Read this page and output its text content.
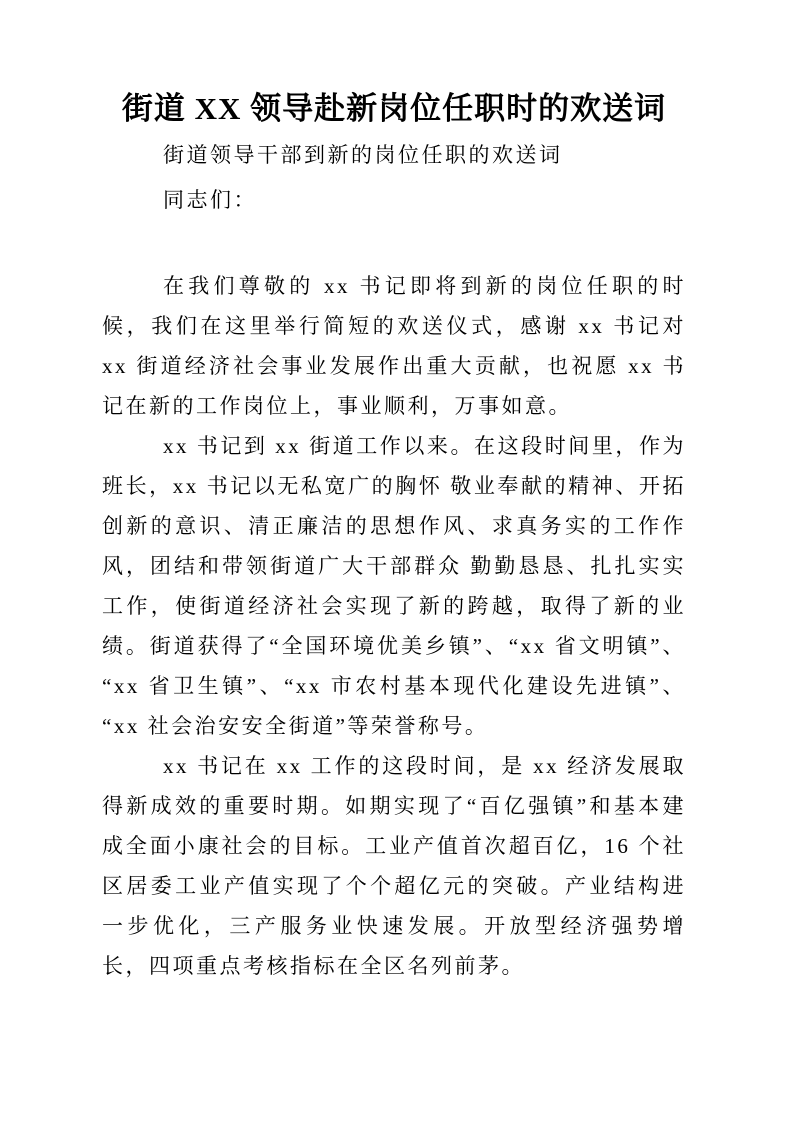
街道 XX 领导赴新岗位任职时的欢送词

街道领导干部到新的岗位任职的欢送词

同志们：

在我们尊敬的 xx 书记即将到新的岗位任职的时候，我们在这里举行简短的欢送仪式，感谢 xx 书记对 xx 街道经济社会事业发展作出重大贡献，也祝愿 xx 书记在新的工作岗位上，事业顺利，万事如意。

xx 书记到 xx 街道工作以来。在这段时间里，作为班长，xx 书记以无私宽广的胸怀 敬业奉献的精神、开拓创新的意识、清正廉洁的思想作风、求真务实的工作作风，团结和带领街道广大干部群众 勤勤恳恳、扎扎实实工作，使街道经济社会实现了新的跨越，取得了新的业绩。街道获得了“全国环境优美乡镇”、“xx 省文明镇”、“xx 省卫生镇”、“xx 市农村基本现代化建设先进镇”、“xx 社会治安安全街道”等荣誉称号。

xx 书记在 xx 工作的这段时间，是 xx 经济发展取得新成效的重要时期。如期实现了“百亿强镇”和基本建成全面小康社会的目标。工业产值首次超百亿，16 个社区居委工业产值实现了个个超亿元的突破。产业结构进一步优化，三产服务业快速发展。开放型经济强势增长，四项重点考核指标在全区名列前茅。
